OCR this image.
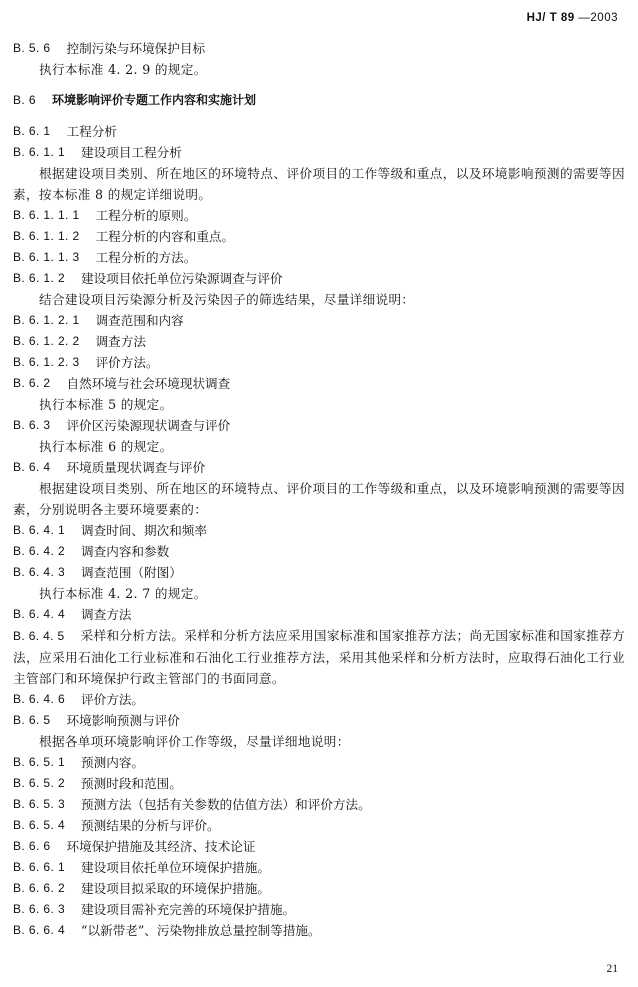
HJ/ T 89 —2003
B. 5. 6	控制污染与环境保护目标
执行本标准 4. 2. 9 的规定。
B. 6	环境影响评价专题工作内容和实施计划
B. 6. 1	工程分析
B. 6. 1. 1	建设项目工程分析
根据建设项目类别、所在地区的环境特点、评价项目的工作等级和重点，以及环境影响预测的需要等因素，按本标准 8 的规定详细说明。
B. 6. 1. 1. 1	工程分析的原则。
B. 6. 1. 1. 2	工程分析的内容和重点。
B. 6. 1. 1. 3	工程分析的方法。
B. 6. 1. 2	建设项目依托单位污染源调查与评价
结合建设项目污染源分析及污染因子的筛选结果，尽量详细说明：
B. 6. 1. 2. 1	调查范围和内容
B. 6. 1. 2. 2	调查方法
B. 6. 1. 2. 3	评价方法。
B. 6. 2	自然环境与社会环境现状调查
执行本标准 5 的规定。
B. 6. 3	评价区污染源现状调查与评价
执行本标准 6 的规定。
B. 6. 4	环境质量现状调查与评价
根据建设项目类别、所在地区的环境特点、评价项目的工作等级和重点，以及环境影响预测的需要等因素，分别说明各主要环境要素的：
B. 6. 4. 1	调查时间、期次和频率
B. 6. 4. 2	调查内容和参数
B. 6. 4. 3	调查范围（附图）
执行本标准 4. 2. 7 的规定。
B. 6. 4. 4	调查方法
B. 6. 4. 5 采样和分析方法。采样和分析方法应采用国家标准和国家推荐方法；尚无国家标准和国家推荐方法，应采用石油化工行业标准和石油化工行业推荐方法，采用其他采样和分析方法时，应取得石油化工行业主管部门和环境保护行政主管部门的书面同意。
B. 6. 4. 6	评价方法。
B. 6. 5	环境影响预测与评价
根据各单项环境影响评价工作等级，尽量详细地说明：
B. 6. 5. 1	预测内容。
B. 6. 5. 2	预测时段和范围。
B. 6. 5. 3	预测方法（包括有关参数的估值方法）和评价方法。
B. 6. 5. 4	预测结果的分析与评价。
B. 6. 6	环境保护措施及其经济、技术论证
B. 6. 6. 1	建设项目依托单位环境保护措施。
B. 6. 6. 2	建设项目拟采取的环境保护措施。
B. 6. 6. 3	建设项目需补充完善的环境保护措施。
B. 6. 6. 4	“以新带老”、污染物排放总量控制等措施。
21
